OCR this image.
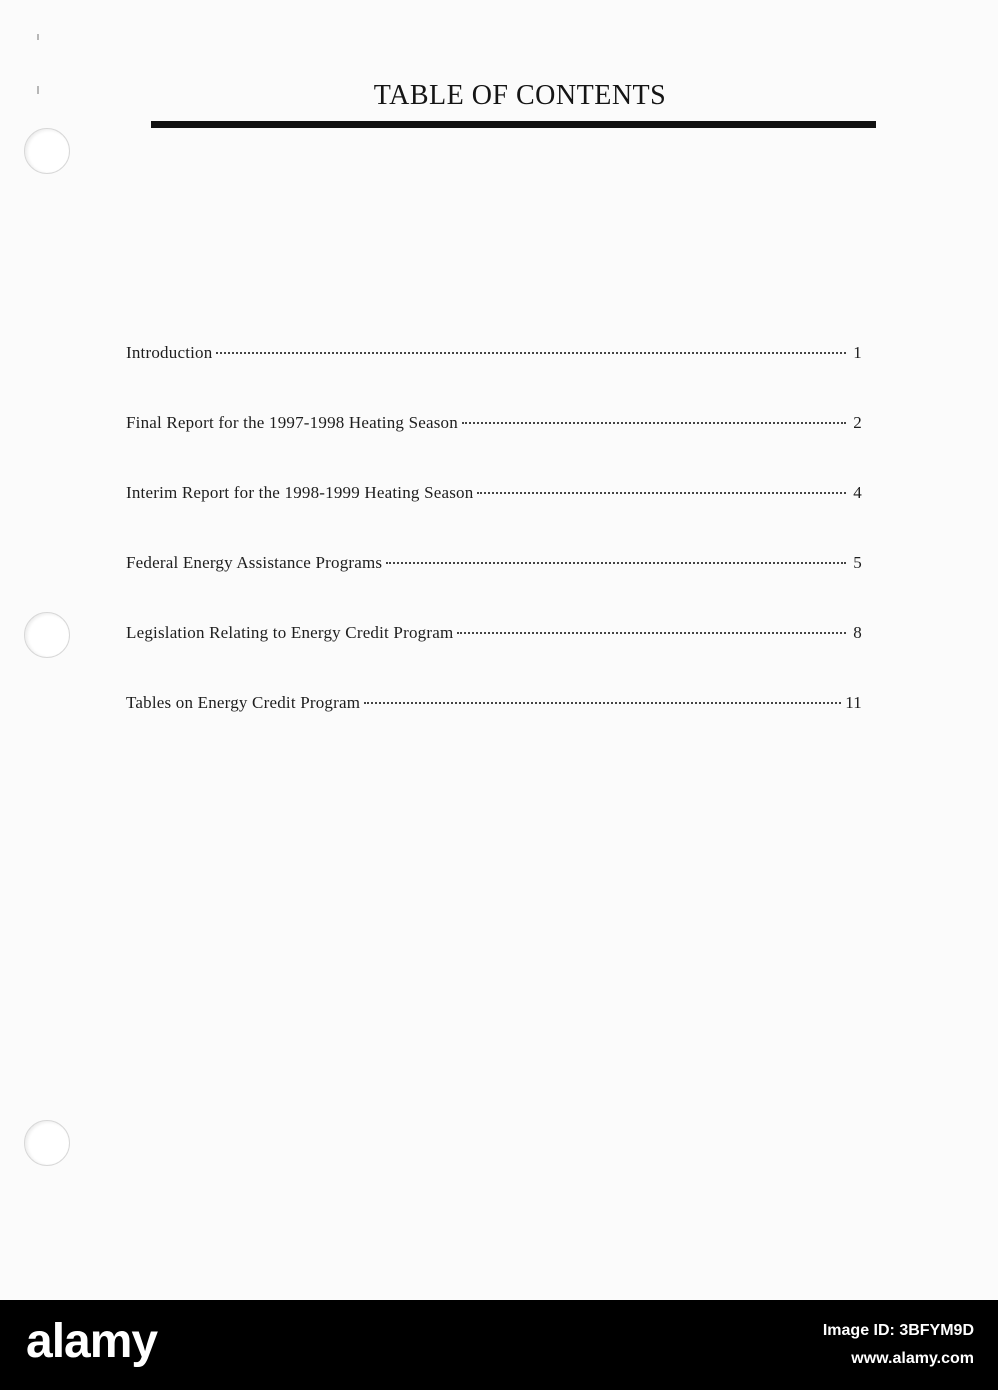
TABLE OF CONTENTS
Introduction	1
Final Report for the 1997-1998 Heating Season	2
Interim Report for the 1998-1999 Heating Season	4
Federal Energy Assistance Programs	5
Legislation Relating to Energy Credit Program	8
Tables on Energy Credit Program	11
alamy	Image ID: 3BFYM9D
www.alamy.com
